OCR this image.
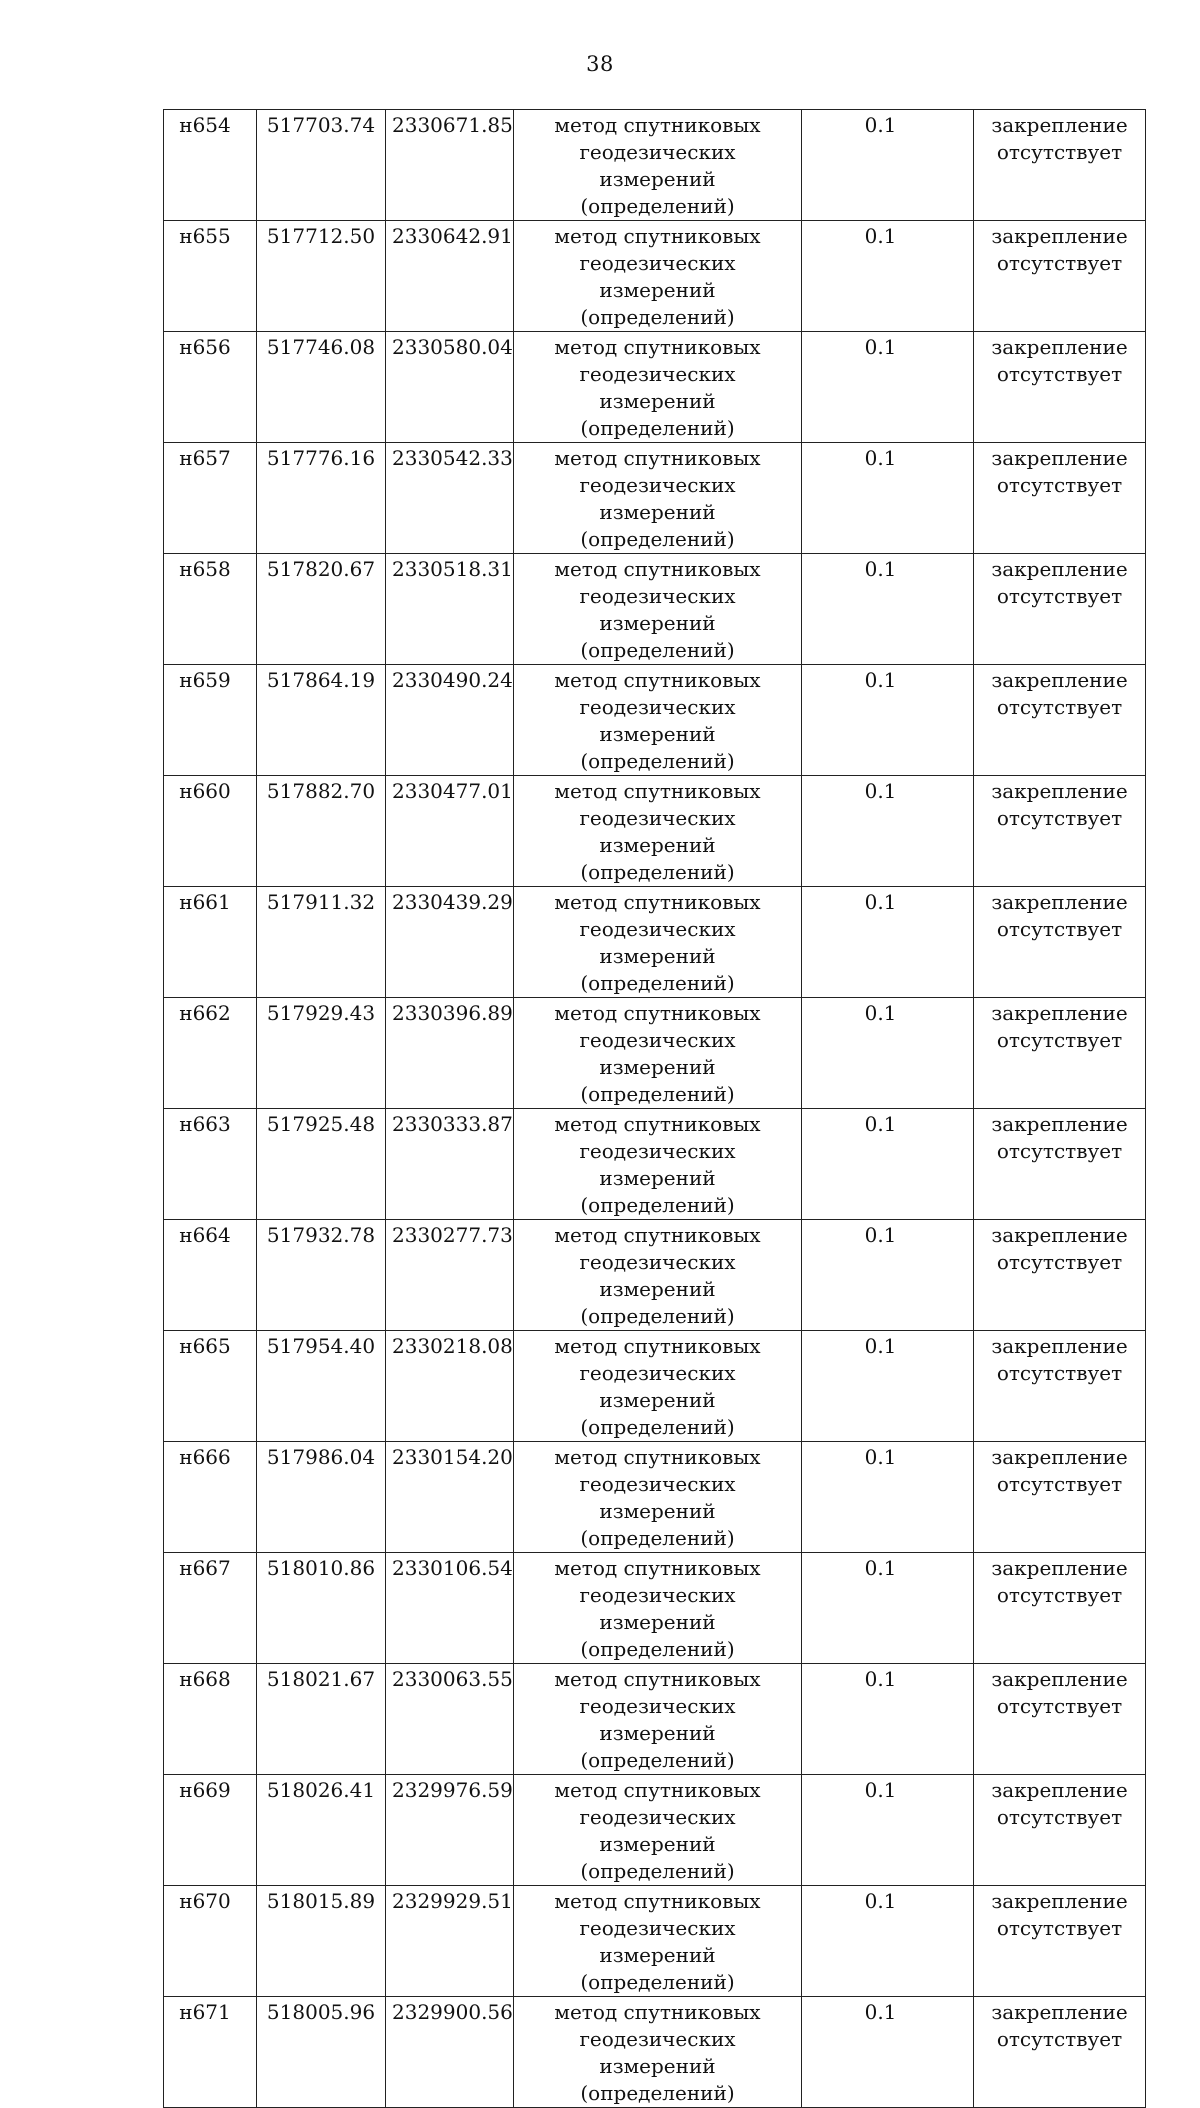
38
н654	517703.74	2330671.85	метод спутниковых
геодезических измерений
(определений)	0.1	закрепление
отсутствует

н655	517712.50	2330642.91	метод спутниковых
геодезических измерений
(определений)	0.1	закрепление
отсутствует

н656	517746.08	2330580.04	метод спутниковых
геодезических измерений
(определений)	0.1	закрепление
отсутствует

н657	517776.16	2330542.33	метод спутниковых
геодезических измерений
(определений)	0.1	закрепление
отсутствует

н658	517820.67	2330518.31	метод спутниковых
геодезических измерений
(определений)	0.1	закрепление
отсутствует

н659	517864.19	2330490.24	метод спутниковых
геодезических измерений
(определений)	0.1	закрепление
отсутствует

н660	517882.70	2330477.01	метод спутниковых
геодезических измерений
(определений)	0.1	закрепление
отсутствует

н661	517911.32	2330439.29	метод спутниковых
геодезических измерений
(определений)	0.1	закрепление
отсутствует

н662	517929.43	2330396.89	метод спутниковых
геодезических измерений
(определений)	0.1	закрепление
отсутствует

н663	517925.48	2330333.87	метод спутниковых
геодезических измерений
(определений)	0.1	закрепление
отсутствует

н664	517932.78	2330277.73	метод спутниковых
геодезических измерений
(определений)	0.1	закрепление
отсутствует

н665	517954.40	2330218.08	метод спутниковых
геодезических измерений
(определений)	0.1	закрепление
отсутствует

н666	517986.04	2330154.20	метод спутниковых
геодезических измерений
(определений)	0.1	закрепление
отсутствует

н667	518010.86	2330106.54	метод спутниковых
геодезических измерений
(определений)	0.1	закрепление
отсутствует

н668	518021.67	2330063.55	метод спутниковых
геодезических измерений
(определений)	0.1	закрепление
отсутствует

н669	518026.41	2329976.59	метод спутниковых
геодезических измерений
(определений)	0.1	закрепление
отсутствует

н670	518015.89	2329929.51	метод спутниковых
геодезических измерений
(определений)	0.1	закрепление
отсутствует

н671	518005.96	2329900.56	метод спутниковых
геодезических измерений
(определений)	0.1	закрепление
отсутствует
